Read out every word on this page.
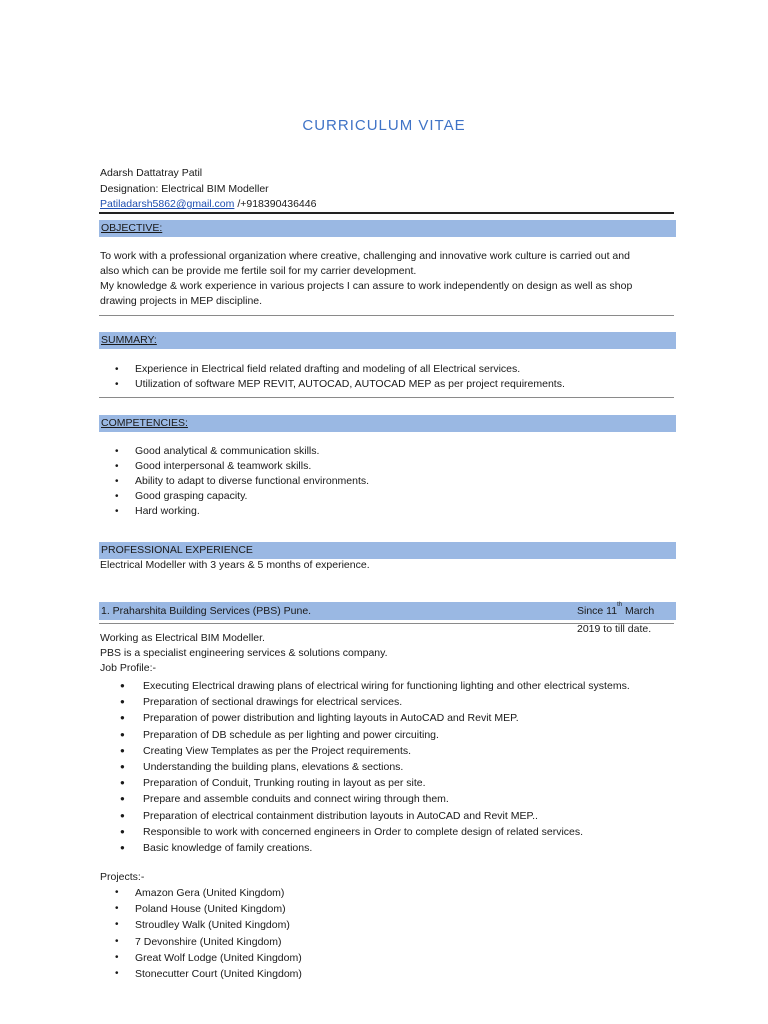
CURRICULUM VITAE
Adarsh Dattatray Patil
Designation: Electrical BIM Modeller
Patiladarsh5862@gmail.com /+918390436446
OBJECTIVE:
To work with a professional organization where creative, challenging and innovative work culture is carried out and
also which can be provide me fertile soil for my carrier development.
My knowledge & work experience in various projects I can assure to work independently on design as well as shop
drawing projects in MEP discipline.
SUMMARY:
• Experience in Electrical field related drafting and modeling of all Electrical services.
• Utilization of software MEP REVIT, AUTOCAD, AUTOCAD MEP as per project requirements.
COMPETENCIES:
• Good analytical & communication skills.
• Good interpersonal & teamwork skills.
• Ability to adapt to diverse functional environments.
• Good grasping capacity.
• Hard working.
PROFESSIONAL EXPERIENCE
Electrical Modeller with 3 years & 5 months of experience.
1. Praharshita Building Services (PBS) Pune.	Since 11th March 2019 to till date.
Working as Electrical BIM Modeller.
PBS is a specialist engineering services & solutions company.
Job Profile:-
● Executing Electrical drawing plans of electrical wiring for functioning lighting and other electrical systems.
● Preparation of sectional drawings for electrical services.
● Preparation of power distribution and lighting layouts in AutoCAD and Revit MEP.
● Preparation of DB schedule as per lighting and power circuiting.
● Creating View Templates as per the Project requirements.
● Understanding the building plans, elevations & sections.
● Preparation of Conduit, Trunking routing in layout as per site.
● Prepare and assemble conduits and connect wiring through them.
● Preparation of electrical containment distribution layouts in AutoCAD and Revit MEP..
● Responsible to work with concerned engineers in Order to complete design of related services.
● Basic knowledge of family creations.
Projects:-
• Amazon Gera (United Kingdom)
• Poland House (United Kingdom)
• Stroudley Walk (United Kingdom)
• 7 Devonshire (United Kingdom)
• Great Wolf Lodge (United Kingdom)
• Stonecutter Court (United Kingdom)
